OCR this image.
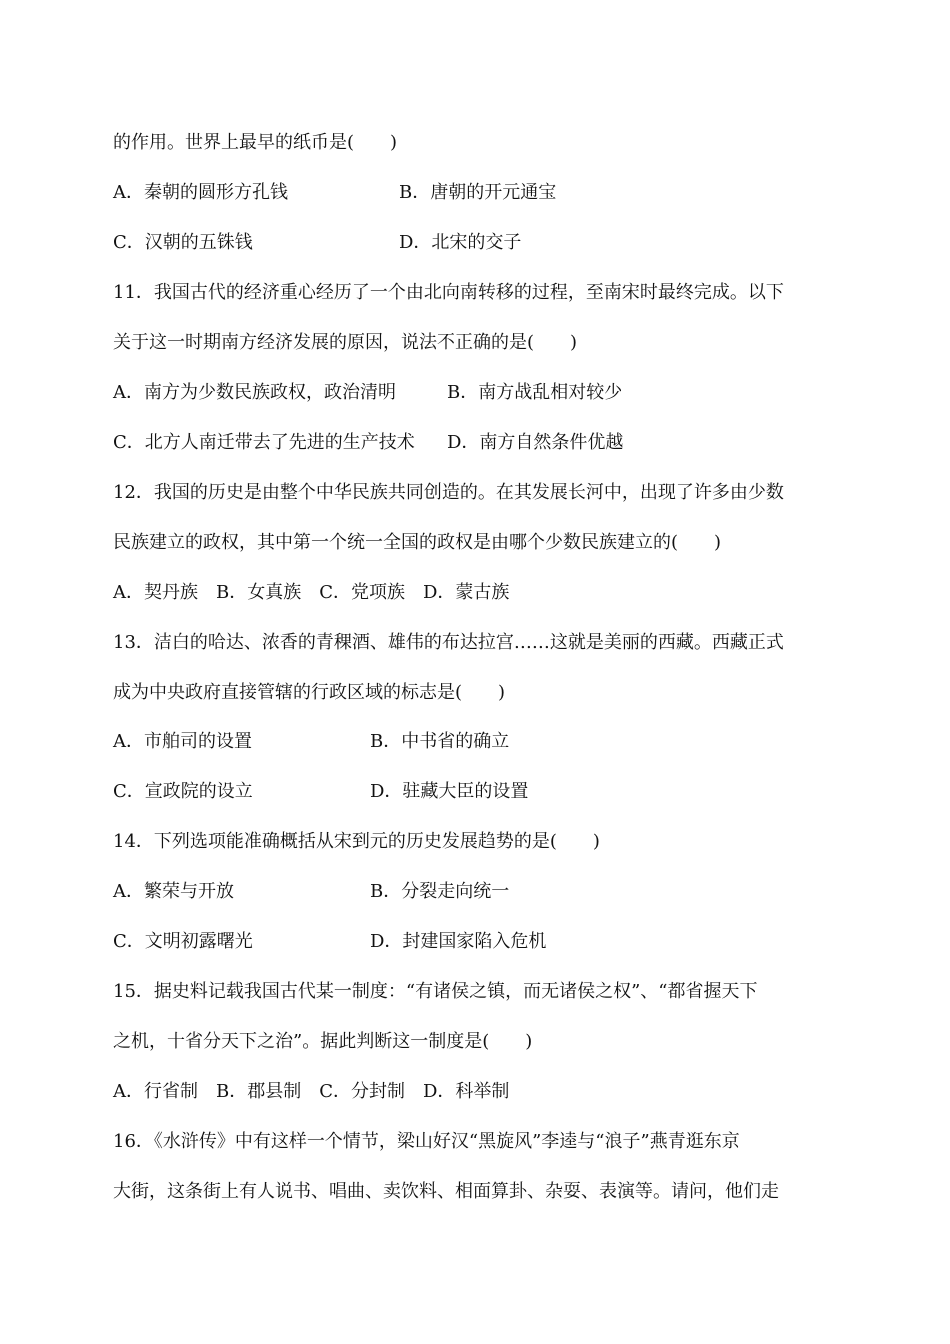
的作用。世界上最早的纸币是(　　)
A．秦朝的圆形方孔钱	B．唐朝的开元通宝
C．汉朝的五铢钱	D．北宋的交子
11．我国古代的经济重心经历了一个由北向南转移的过程，至南宋时最终完成。以下
关于这一时期南方经济发展的原因，说法不正确的是(　　)
A．南方为少数民族政权，政治清明	B．南方战乱相对较少
C．北方人南迁带去了先进的生产技术 D．南方自然条件优越
12．我国的历史是由整个中华民族共同创造的。在其发展长河中，出现了许多由少数
民族建立的政权，其中第一个统一全国的政权是由哪个少数民族建立的(　　)
A．契丹族　B．女真族　C．党项族　D．蒙古族
13．洁白的哈达、浓香的青稞酒、雄伟的布达拉宫……这就是美丽的西藏。西藏正式
成为中央政府直接管辖的行政区域的标志是(　　)
A．市舶司的设置	B．中书省的确立
C．宣政院的设立	D．驻藏大臣的设置
14．下列选项能准确概括从宋到元的历史发展趋势的是(　　)
A．繁荣与开放	B．分裂走向统一
C．文明初露曙光	D．封建国家陷入危机
15．据史料记载我国古代某一制度：“有诸侯之镇，而无诸侯之权”、“都省握天下
之机，十省分天下之治”。据此判断这一制度是(　　)
A．行省制　B．郡县制　C．分封制　D．科举制
16．《水浒传》中有这样一个情节，梁山好汉“黑旋风”李逵与“浪子”燕青逛东京
大街，这条街上有人说书、唱曲、卖饮料、相面算卦、杂耍、表演等。请问，他们走
